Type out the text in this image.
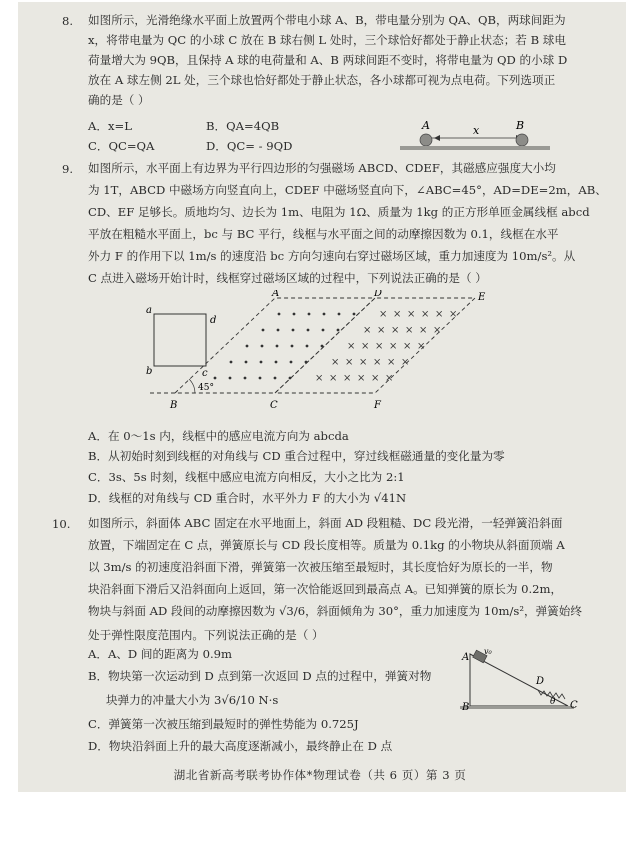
8. 如图所示，光滑绝缘水平面上放置两个带电小球 A、B，带电量分别为 QA、QB，两球间距为
x，将带电量为 QC 的小球 C 放在 B 球右侧 L 处时，三个球恰好都处于静止状态；若 B 球电
荷量增大为 9QB，且保持 A 球的电荷量和 A、B 两球间距不变时，将带电量为 QD 的小球 D
放在 A 球左侧 2L 处，三个球也恰好都处于静止状态，各小球都可视为点电荷。下列选项正
确的是（ ）
A．x=L	B．QA=4QB
C．QC=QA	D．QC= - 9QD
A	B
x
9. 如图所示，水平面上有边界为平行四边形的匀强磁场 ABCD、CDEF，其磁感应强度大小均
为 1T，ABCD 中磁场方向竖直向上，CDEF 中磁场竖直向下，∠ABC=45°，AD=DE=2m，AB、
CD、EF 足够长。质地均匀、边长为 1m、电阻为 1Ω、质量为 1kg 的正方形单匝金属线框 abcd
平放在粗糙水平面上，bc 与 BC 平行，线框与水平面之间的动摩擦因数为 0.1，线框在水平
外力 F 的作用下以 1m/s 的速度沿 bc 方向匀速向右穿过磁场区域，重力加速度为 10m/s²。从
C 点进入磁场开始计时，线框穿过磁场区域的过程中，下列说法正确的是（ ）
a
d
b	c
45°
× × × × × ×
× × × × × ×
× × × × × ×
× × × × × ×
× × × × × ×
A	D	E
B	C	F
A．在 0～1s 内，线框中的感应电流方向为 abcda
B．从初始时刻到线框的对角线与 CD 重合过程中，穿过线框磁通量的变化量为零
C．3s、5s 时刻，线框中感应电流方向相反，大小之比为 2:1
D．线框的对角线与 CD 重合时，水平外力 F 的大小为 √41N
10. 如图所示，斜面体 ABC 固定在水平地面上，斜面 AD 段粗糙、DC 段光滑，一轻弹簧沿斜面
放置，下端固定在 C 点，弹簧原长与 CD 段长度相等。质量为 0.1kg 的小物块从斜面顶端 A
以 3m/s 的初速度沿斜面下滑，弹簧第一次被压缩至最短时，其长度恰好为原长的一半，物
块沿斜面下滑后又沿斜面向上返回，第一次恰能返回到最高点 A。已知弹簧的原长为 0.2m，
物块与斜面 AD 段间的动摩擦因数为 √3/6，斜面倾角为 30°，重力加速度为 10m/s²，弹簧始终
处于弹性限度范围内。下列说法正确的是（ ）
A．A、D 间的距离为 0.9m
B．物块第一次运动到 D 点到第一次返回 D 点的过程中，弹簧对物
块弹力的冲量大小为 3√6/10 N·s
C．弹簧第一次被压缩到最短时的弹性势能为 0.725J
D．物块沿斜面上升的最大高度逐渐减小，最终静止在 D 点
A
B	C
D
θ
v₀
湖北省新高考联考协作体*物理试卷（共 6 页）第 3 页
